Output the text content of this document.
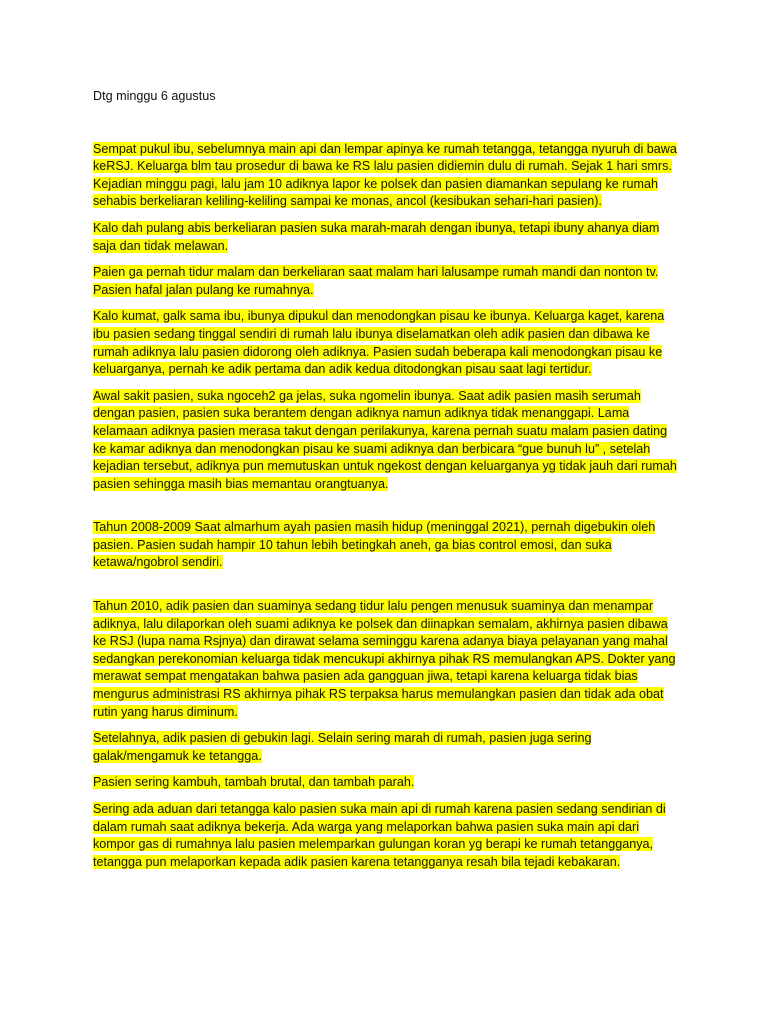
Dtg minggu 6 agustus

Sempat pukul ibu, sebelumnya main api dan lempar apinya ke rumah tetangga, tetangga nyuruh di bawa keRSJ. Keluarga blm tau prosedur di bawa ke RS lalu pasien didiemin dulu di rumah. Sejak 1 hari smrs. Kejadian minggu pagi, lalu jam 10 adiknya lapor ke polsek dan pasien diamankan sepulang ke rumah sehabis berkeliaran keliling-keliling sampai ke monas, ancol (kesibukan sehari-hari pasien).

Kalo dah pulang abis berkeliaran pasien suka marah-marah dengan ibunya, tetapi ibuny ahanya diam saja dan tidak melawan.

Paien ga pernah tidur malam dan berkeliaran saat malam hari lalusampe rumah mandi dan nonton tv. Pasien hafal jalan pulang ke rumahnya.

Kalo kumat, galk sama ibu, ibunya dipukul dan menodongkan pisau ke ibunya. Keluarga kaget, karena ibu pasien sedang tinggal sendiri di rumah lalu ibunya diselamatkan oleh adik pasien dan dibawa ke rumah adiknya lalu pasien didorong oleh adiknya. Pasien sudah beberapa kali menodongkan pisau ke keluarganya, pernah ke adik pertama dan adik kedua ditodongkan pisau saat lagi tertidur.

Awal sakit pasien, suka ngoceh2 ga jelas, suka ngomelin ibunya. Saat adik pasien masih serumah dengan pasien, pasien suka berantem dengan adiknya namun adiknya tidak menanggapi. Lama kelamaan adiknya pasien merasa takut dengan perilakunya, karena pernah suatu malam pasien dating ke kamar adiknya dan menodongkan pisau ke suami adiknya dan berbicara “gue bunuh lu” , setelah kejadian tersebut, adiknya pun memutuskan untuk ngekost dengan keluarganya yg tidak jauh dari rumah pasien sehingga masih bias memantau orangtuanya.

Tahun 2008-2009 Saat almarhum ayah pasien masih hidup (meninggal 2021), pernah digebukin oleh pasien. Pasien sudah hampir 10 tahun lebih betingkah aneh, ga bias control emosi, dan suka ketawa/ngobrol sendiri.

Tahun 2010, adik pasien dan suaminya sedang tidur lalu pengen menusuk suaminya dan menampar adiknya, lalu dilaporkan oleh suami adiknya ke polsek dan diinapkan semalam, akhirnya pasien dibawa ke RSJ (lupa nama Rsjnya) dan dirawat selama seminggu karena adanya biaya pelayanan yang mahal sedangkan perekonomian keluarga tidak mencukupi akhirnya pihak RS memulangkan APS. Dokter yang merawat sempat mengatakan bahwa pasien ada gangguan jiwa, tetapi karena keluarga tidak bias mengurus administrasi RS akhirnya pihak RS terpaksa harus memulangkan pasien dan tidak ada obat rutin yang harus diminum.

Setelahnya, adik pasien di gebukin lagi. Selain sering marah di rumah, pasien juga sering galak/mengamuk ke tetangga.

Pasien sering kambuh, tambah brutal, dan tambah parah.

Sering ada aduan dari tetangga kalo pasien suka main api di rumah karena pasien sedang sendirian di dalam rumah saat adiknya bekerja. Ada warga yang melaporkan bahwa pasien suka main api dari kompor gas di rumahnya lalu pasien melemparkan gulungan koran yg berapi ke rumah tetangganya, tetangga pun melaporkan kepada adik pasien karena tetangganya resah bila tejadi kebakaran.
